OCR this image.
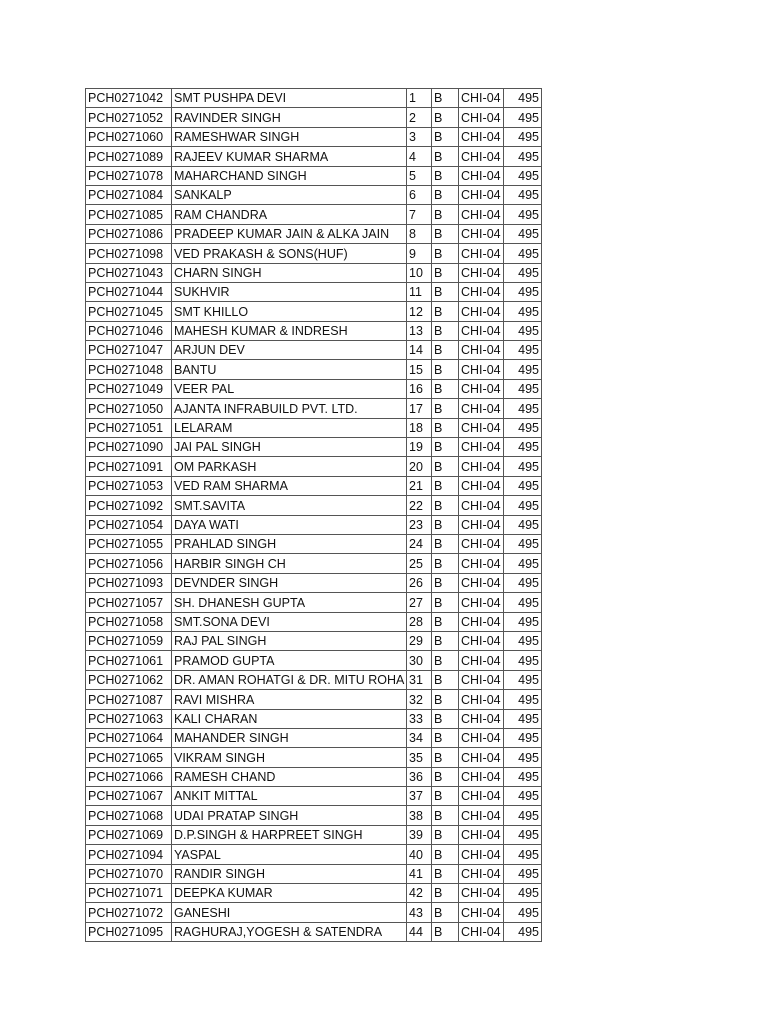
PCH0271042	SMT PUSHPA DEVI	1	B	CHI-04	495
PCH0271052	RAVINDER SINGH	2	B	CHI-04	495
PCH0271060	RAMESHWAR SINGH	3	B	CHI-04	495
PCH0271089	RAJEEV KUMAR SHARMA	4	B	CHI-04	495
PCH0271078	MAHARCHAND SINGH	5	B	CHI-04	495
PCH0271084	SANKALP	6	B	CHI-04	495
PCH0271085	RAM CHANDRA	7	B	CHI-04	495
PCH0271086	PRADEEP KUMAR JAIN & ALKA JAIN	8	B	CHI-04	495
PCH0271098	VED PRAKASH & SONS(HUF)	9	B	CHI-04	495
PCH0271043	CHARN SINGH	10	B	CHI-04	495
PCH0271044	SUKHVIR	11	B	CHI-04	495
PCH0271045	SMT KHILLO	12	B	CHI-04	495
PCH0271046	MAHESH KUMAR & INDRESH	13	B	CHI-04	495
PCH0271047	ARJUN DEV	14	B	CHI-04	495
PCH0271048	BANTU	15	B	CHI-04	495
PCH0271049	VEER PAL	16	B	CHI-04	495
PCH0271050	AJANTA INFRABUILD PVT. LTD.	17	B	CHI-04	495
PCH0271051	LELARAM	18	B	CHI-04	495
PCH0271090	JAI PAL SINGH	19	B	CHI-04	495
PCH0271091	OM PARKASH	20	B	CHI-04	495
PCH0271053	VED RAM SHARMA	21	B	CHI-04	495
PCH0271092	SMT.SAVITA	22	B	CHI-04	495
PCH0271054	DAYA WATI	23	B	CHI-04	495
PCH0271055	PRAHLAD SINGH	24	B	CHI-04	495
PCH0271056	HARBIR SINGH CH	25	B	CHI-04	495
PCH0271093	DEVNDER SINGH	26	B	CHI-04	495
PCH0271057	SH. DHANESH GUPTA	27	B	CHI-04	495
PCH0271058	SMT.SONA DEVI	28	B	CHI-04	495
PCH0271059	RAJ PAL SINGH	29	B	CHI-04	495
PCH0271061	PRAMOD GUPTA	30	B	CHI-04	495
PCH0271062	DR. AMAN ROHATGI & DR. MITU ROHA	31	B	CHI-04	495
PCH0271087	RAVI MISHRA	32	B	CHI-04	495
PCH0271063	KALI CHARAN	33	B	CHI-04	495
PCH0271064	MAHANDER SINGH	34	B	CHI-04	495
PCH0271065	VIKRAM SINGH	35	B	CHI-04	495
PCH0271066	RAMESH CHAND	36	B	CHI-04	495
PCH0271067	ANKIT MITTAL	37	B	CHI-04	495
PCH0271068	UDAI PRATAP SINGH	38	B	CHI-04	495
PCH0271069	D.P.SINGH & HARPREET SINGH	39	B	CHI-04	495
PCH0271094	YASPAL	40	B	CHI-04	495
PCH0271070	RANDIR SINGH	41	B	CHI-04	495
PCH0271071	DEEPKA KUMAR	42	B	CHI-04	495
PCH0271072	GANESHI	43	B	CHI-04	495
PCH0271095	RAGHURAJ,YOGESH & SATENDRA	44	B	CHI-04	495
